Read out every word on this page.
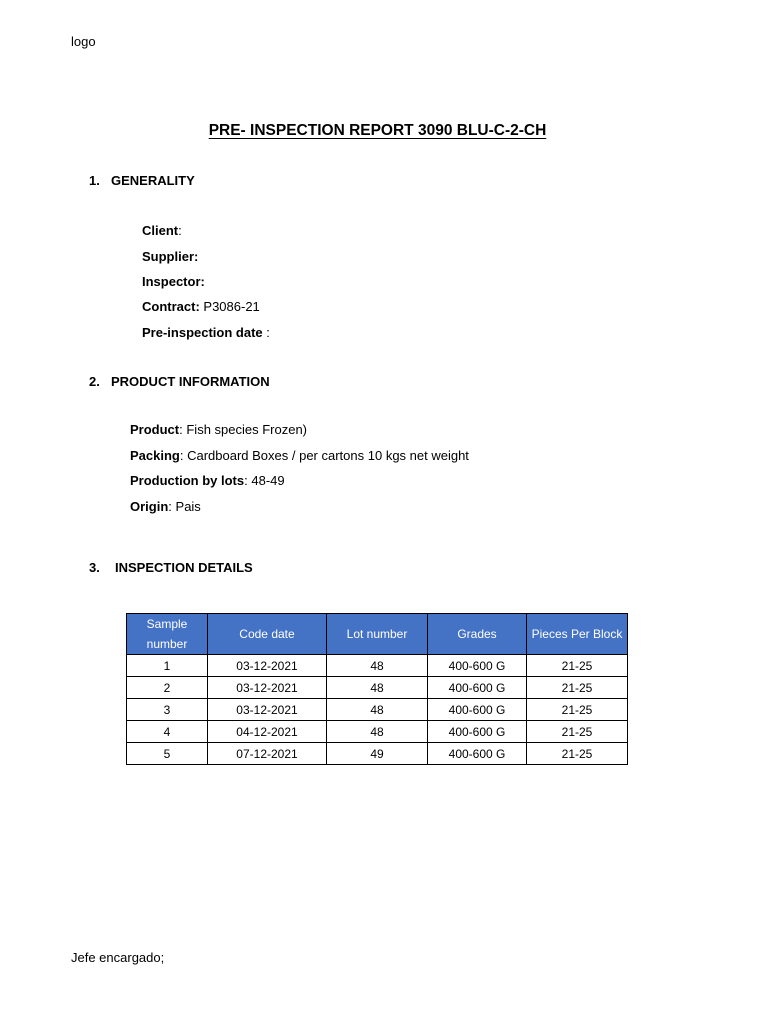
logo
PRE- INSPECTION REPORT 3090 BLU-C-2-CH
1. GENERALITY
Client:
Supplier:
Inspector:
Contract: P3086-21
Pre-inspection date :
2. PRODUCT INFORMATION
Product: Fish species Frozen)
Packing: Cardboard Boxes / per cartons 10 kgs net weight
Production by lots: 48-49
Origin: Pais
3. INSPECTION DETAILS
Sample number	Code date	Lot number	Grades	Pieces Per Block
1	03-12-2021	48	400-600 G	21-25
2	03-12-2021	48	400-600 G	21-25
3	03-12-2021	48	400-600 G	21-25
4	04-12-2021	48	400-600 G	21-25
5	07-12-2021	49	400-600 G	21-25
Jefe encargado;
